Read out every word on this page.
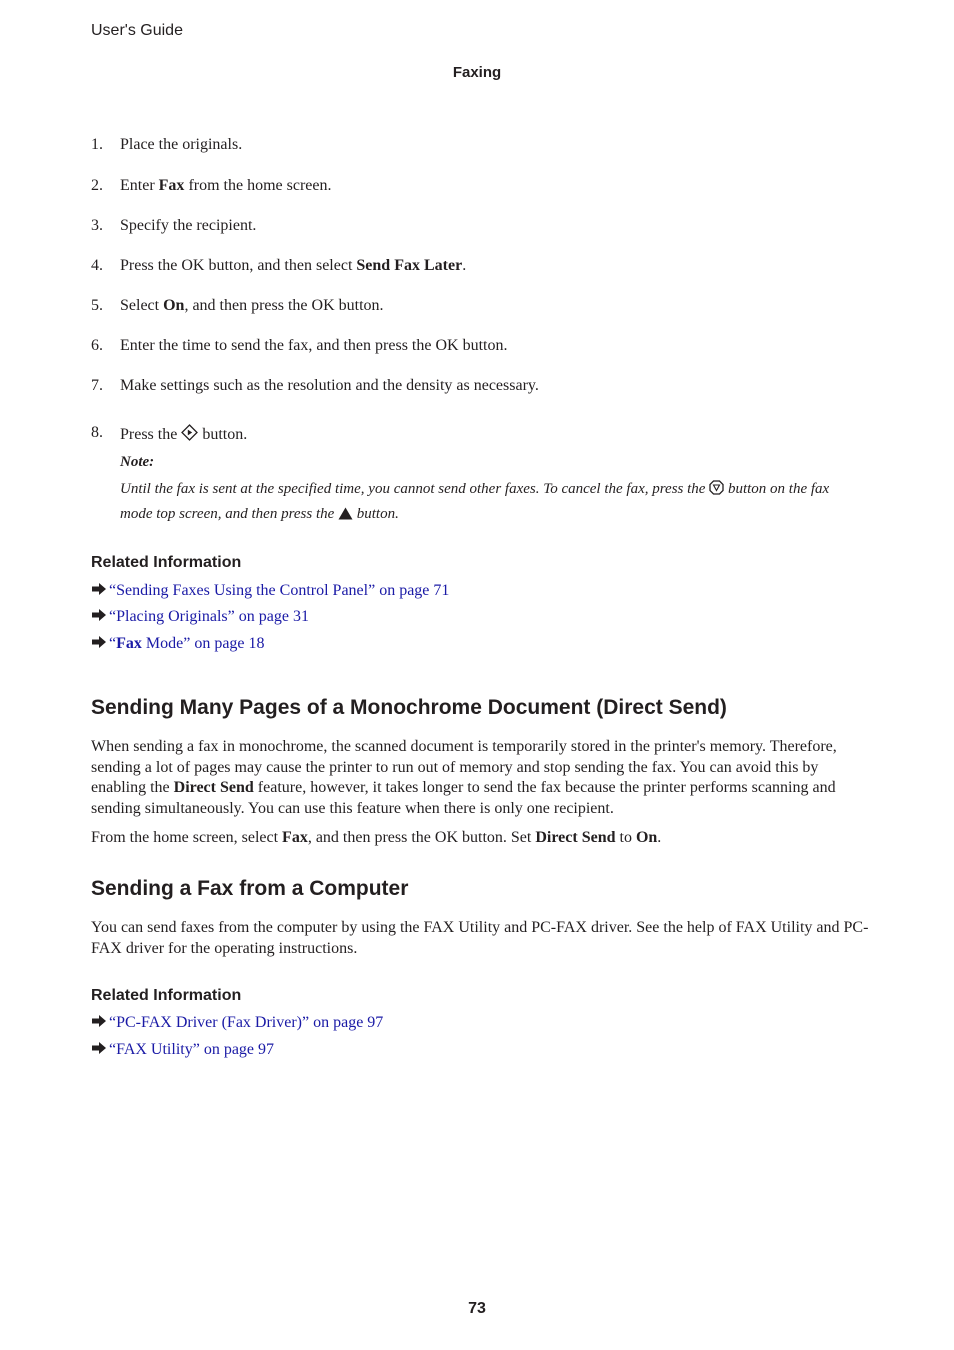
User's Guide
Faxing
1.	Place the originals.
2.	Enter Fax from the home screen.
3.	Specify the recipient.
4.	Press the OK button, and then select Send Fax Later.
5.	Select On, and then press the OK button.
6.	Enter the time to send the fax, and then press the OK button.
7.	Make settings such as the resolution and the density as necessary.
8.	Press the  button.
Note:
Until the fax is sent at the specified time, you cannot send other faxes. To cancel the fax, press the  button on the fax
mode top screen, and then press the  button.
Related Information
“Sending Faxes Using the Control Panel” on page 71
“Placing Originals” on page 31
“Fax Mode” on page 18
Sending Many Pages of a Monochrome Document (Direct Send)
When sending a fax in monochrome, the scanned document is temporarily stored in the printer's memory. Therefore, sending a lot of pages may cause the printer to run out of memory and stop sending the fax. You can avoid this by enabling the Direct Send feature, however, it takes longer to send the fax because the printer performs scanning and sending simultaneously. You can use this feature when there is only one recipient.
From the home screen, select Fax, and then press the OK button. Set Direct Send to On.
Sending a Fax from a Computer
You can send faxes from the computer by using the FAX Utility and PC-FAX driver. See the help of FAX Utility and PC-FAX driver for the operating instructions.
Related Information
“PC-FAX Driver (Fax Driver)” on page 97
“FAX Utility” on page 97
73
